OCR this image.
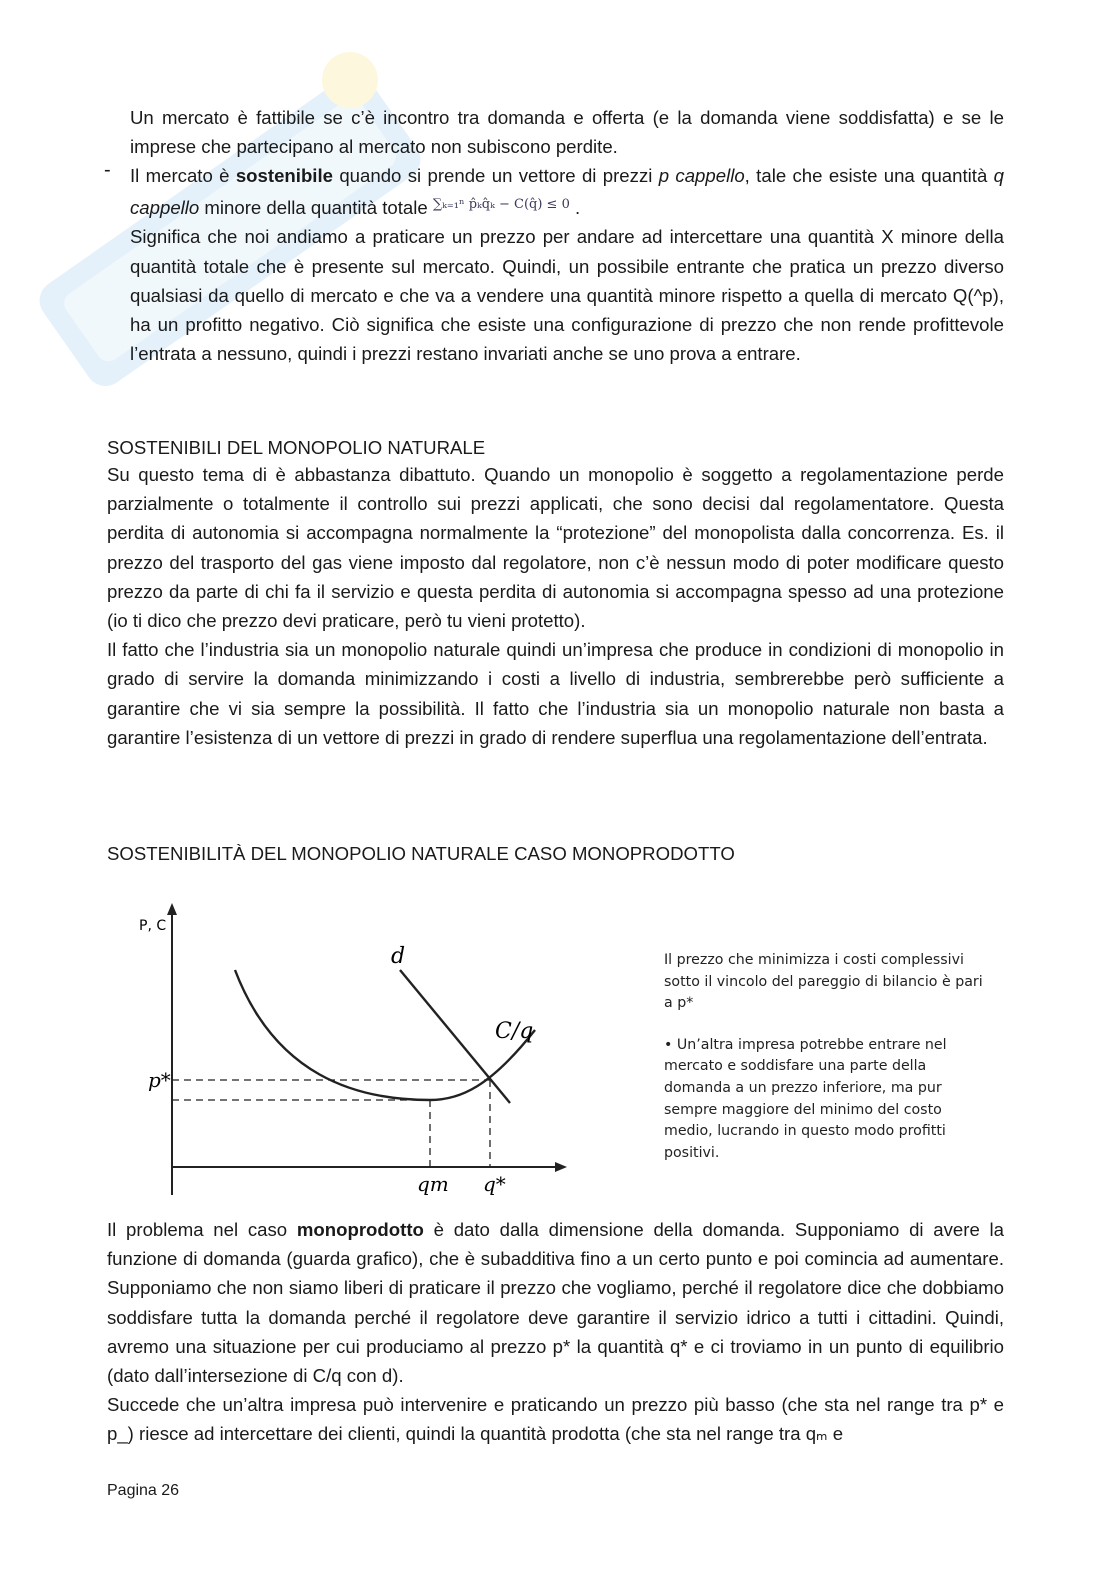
Un mercato è fattibile se c’è incontro tra domanda e offerta (e la domanda viene soddisfatta) e se le imprese che partecipano al mercato non subiscono perdite.
- Il mercato è sostenibile quando si prende un vettore di prezzi p cappello, tale che esiste una quantità q cappello minore della quantità totale $^{\sum_{k=1}^n p̂_kq̂_k - C(q̂) \le 0}$ .
Significa che noi andiamo a praticare un prezzo per andare ad intercettare una quantità X minore della quantità totale che è presente sul mercato. Quindi, un possibile entrante che pratica un prezzo diverso qualsiasi da quello di mercato e che va a vendere una quantità minore rispetto a quella di mercato Q(^p), ha un profitto negativo. Ciò significa che esiste una configurazione di prezzo che non rende profittevole l’entrata a nessuno, quindi i prezzi restano invariati anche se uno prova a entrare.
SOSTENIBILI DEL MONOPOLIO NATURALE
Su questo tema di è abbastanza dibattuto. Quando un monopolio è soggetto a regolamentazione perde parzialmente o totalmente il controllo sui prezzi applicati, che sono decisi dal regolamentatore. Questa perdita di autonomia si accompagna normalmente la “protezione” del monopolista dalla concorrenza. Es. il prezzo del trasporto del gas viene imposto dal regolatore, non c’è nessun modo di poter modificare questo prezzo da parte di chi fa il servizio e questa perdita di autonomia si accompagna spesso ad una protezione (io ti dico che prezzo devi praticare, però tu vieni protetto).
Il fatto che l’industria sia un monopolio naturale quindi un’impresa che produce in condizioni di monopolio in grado di servire la domanda minimizzando i costi a livello di industria, sembrerebbe però sufficiente a garantire che vi sia sempre la possibilità. Il fatto che l’industria sia un monopolio naturale non basta a garantire l’esistenza di un vettore di prezzi in grado di rendere superflua una regolamentazione dell’entrata.
SOSTENIBILITÀ DEL MONOPOLIO NATURALE CASO MONOPRODOTTO
P, C
d
C/q
p*
qm q*

Il prezzo che minimizza i costi complessivi sotto il vincolo del pareggio di bilancio è pari a p*

• Un’altra impresa potrebbe entrare nel mercato e soddisfare una parte della domanda a un prezzo inferiore, ma pur sempre maggiore del minimo del costo medio, lucrando in questo modo profitti positivi.

Il problema nel caso monoprodotto è dato dalla dimensione della domanda. Supponiamo di avere la funzione di domanda (guarda grafico), che è subadditiva fino a un certo punto e poi comincia ad aumentare. Supponiamo che non siamo liberi di praticare il prezzo che vogliamo, perché il regolatore dice che dobbiamo soddisfare tutta la domanda perché il regolatore deve garantire il servizio idrico a tutti i cittadini. Quindi, avremo una situazione per cui produciamo al prezzo p* la quantità q* e ci troviamo in un punto di equilibrio (dato dall’intersezione di C/q con d).
Succede che un’altra impresa può intervenire e praticando un prezzo più basso (che sta nel range tra p* e p_) riesce ad intercettare dei clienti, quindi la quantità prodotta (che sta nel range tra qₘ e
Pagina 26
